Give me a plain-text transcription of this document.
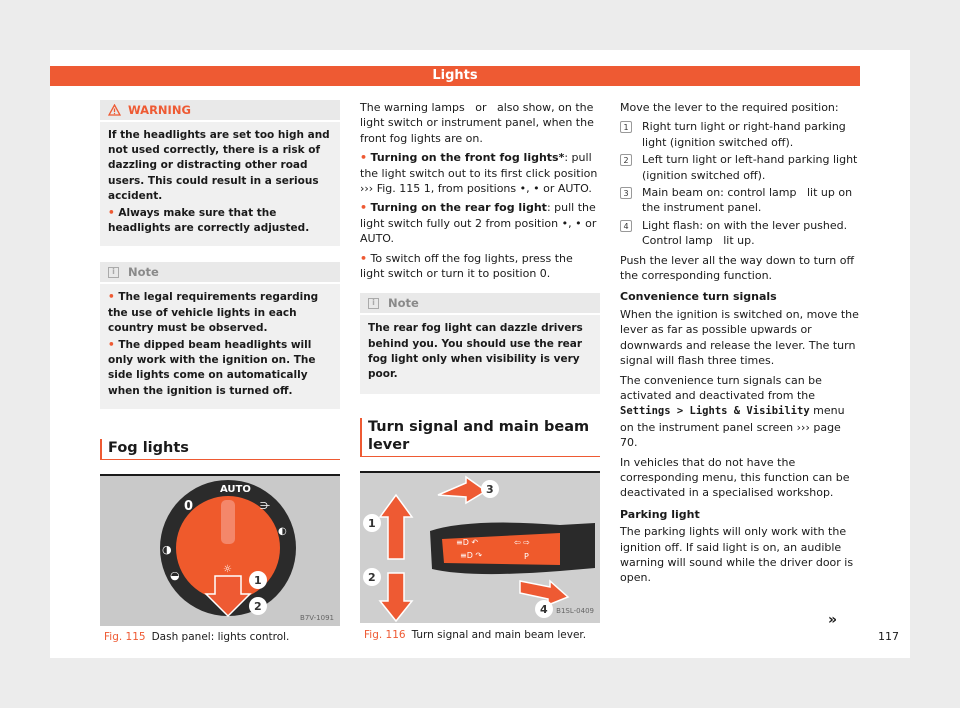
Lights
WARNING

If the headlights are set too high and not used correctly, there is a risk of dazzling or distracting other road users. This could result in a serious accident.

• Always make sure that the headlights are correctly adjusted.

i	Note

• The legal requirements regarding the use of vehicle lights in each country must be observed.

• The dipped beam headlights will only work with the ignition on. The side lights come on automatically when the ignition is turned off.

Fog lights
AUTO
0	⋺
◐
◑
◒	☼
1
2
B7V-1091
Fig. 115 Dash panel: lights control.

The warning lamps   or   also show, on the light switch or instrument panel, when the front fog lights are on.

• Turning on the front fog lights*: pull the light switch out to its first click position ››› Fig. 115 1, from positions •, • or AUTO.

• Turning on the rear fog light: pull the light switch fully out 2 from position •, • or AUTO.

• To switch off the fog lights, press the light switch or turn it to position 0.

i	Note

The rear fog light can dazzle drivers behind you. You should use the rear fog light only when visibility is very poor.

Turn signal and main beam lever
≡D ↶
≡D ↷
⇦ ⇨
P
1
2
3
4 B1SL-0409
Fig. 116 Turn signal and main beam lever.

Move the lever to the required position:

1	Right turn light or right-hand parking light (ignition switched off).
2	Left turn light or left-hand parking light (ignition switched off).
3	Main beam on: control lamp   lit up on the instrument panel.
4	Light flash: on with the lever pushed. Control lamp   lit up.

Push the lever all the way down to turn off the corresponding function.

Convenience turn signals

When the ignition is switched on, move the lever as far as possible upwards or downwards and release the lever. The turn signal will flash three times.

The convenience turn signals can be activated and deactivated from the Settings > Lights & Visibility menu on the instrument panel screen ››› page 70.

In vehicles that do not have the corresponding menu, this function can be deactivated in a specialised workshop.

Parking light

The parking lights will only work with the ignition off. If said light is on, an audible warning will sound while the driver door is open.

»
117
